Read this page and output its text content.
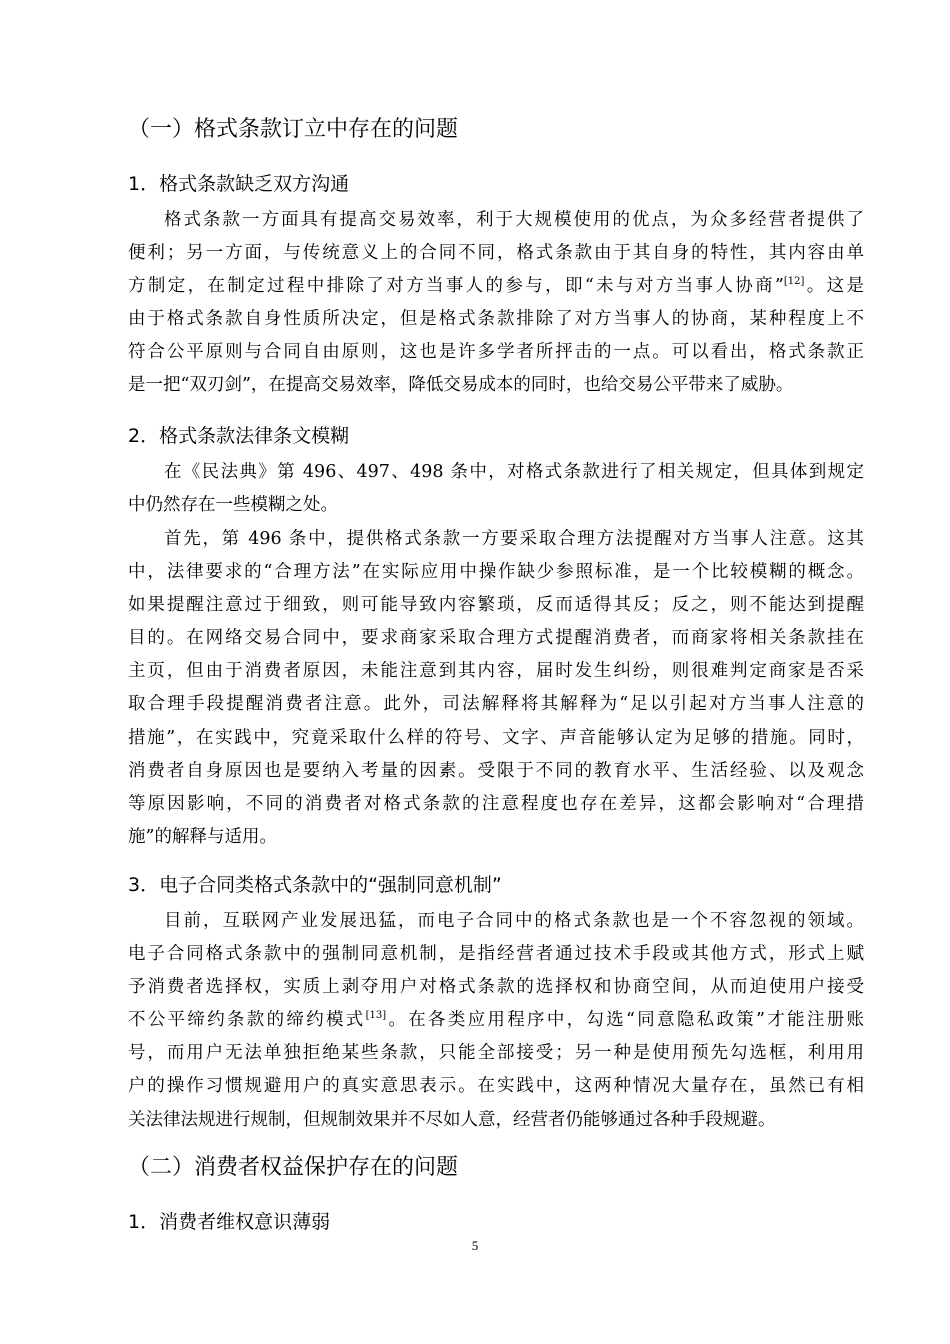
（一）格式条款订立中存在的问题
1．格式条款缺乏双方沟通
格式条款一方面具有提高交易效率，利于大规模使用的优点，为众多经营者提供了
便利；另一方面，与传统意义上的合同不同，格式条款由于其自身的特性，其内容由单
方制定，在制定过程中排除了对方当事人的参与，即“未与对方当事人协商”[12]。这是
由于格式条款自身性质所决定，但是格式条款排除了对方当事人的协商，某种程度上不
符合公平原则与合同自由原则，这也是许多学者所抨击的一点。可以看出，格式条款正
是一把“双刃剑”，在提高交易效率，降低交易成本的同时，也给交易公平带来了威胁。
2．格式条款法律条文模糊
在《民法典》第 496、497、498 条中，对格式条款进行了相关规定，但具体到规定
中仍然存在一些模糊之处。
首先，第 496 条中，提供格式条款一方要采取合理方法提醒对方当事人注意。这其
中，法律要求的“合理方法”在实际应用中操作缺少参照标准，是一个比较模糊的概念。
如果提醒注意过于细致，则可能导致内容繁琐，反而适得其反；反之，则不能达到提醒
目的。在网络交易合同中，要求商家采取合理方式提醒消费者，而商家将相关条款挂在
主页，但由于消费者原因，未能注意到其内容，届时发生纠纷，则很难判定商家是否采
取合理手段提醒消费者注意。此外，司法解释将其解释为“足以引起对方当事人注意的
措施”，在实践中，究竟采取什么样的符号、文字、声音能够认定为足够的措施。同时，
消费者自身原因也是要纳入考量的因素。受限于不同的教育水平、生活经验、以及观念
等原因影响，不同的消费者对格式条款的注意程度也存在差异，这都会影响对“合理措
施”的解释与适用。
3．电子合同类格式条款中的“强制同意机制”
目前，互联网产业发展迅猛，而电子合同中的格式条款也是一个不容忽视的领域。
电子合同格式条款中的强制同意机制，是指经营者通过技术手段或其他方式，形式上赋
予消费者选择权，实质上剥夺用户对格式条款的选择权和协商空间，从而迫使用户接受
不公平缔约条款的缔约模式[13]。在各类应用程序中，勾选“同意隐私政策”才能注册账
号，而用户无法单独拒绝某些条款，只能全部接受；另一种是使用预先勾选框，利用用
户的操作习惯规避用户的真实意思表示。在实践中，这两种情况大量存在，虽然已有相
关法律法规进行规制，但规制效果并不尽如人意，经营者仍能够通过各种手段规避。
（二）消费者权益保护存在的问题
1．消费者维权意识薄弱
5
